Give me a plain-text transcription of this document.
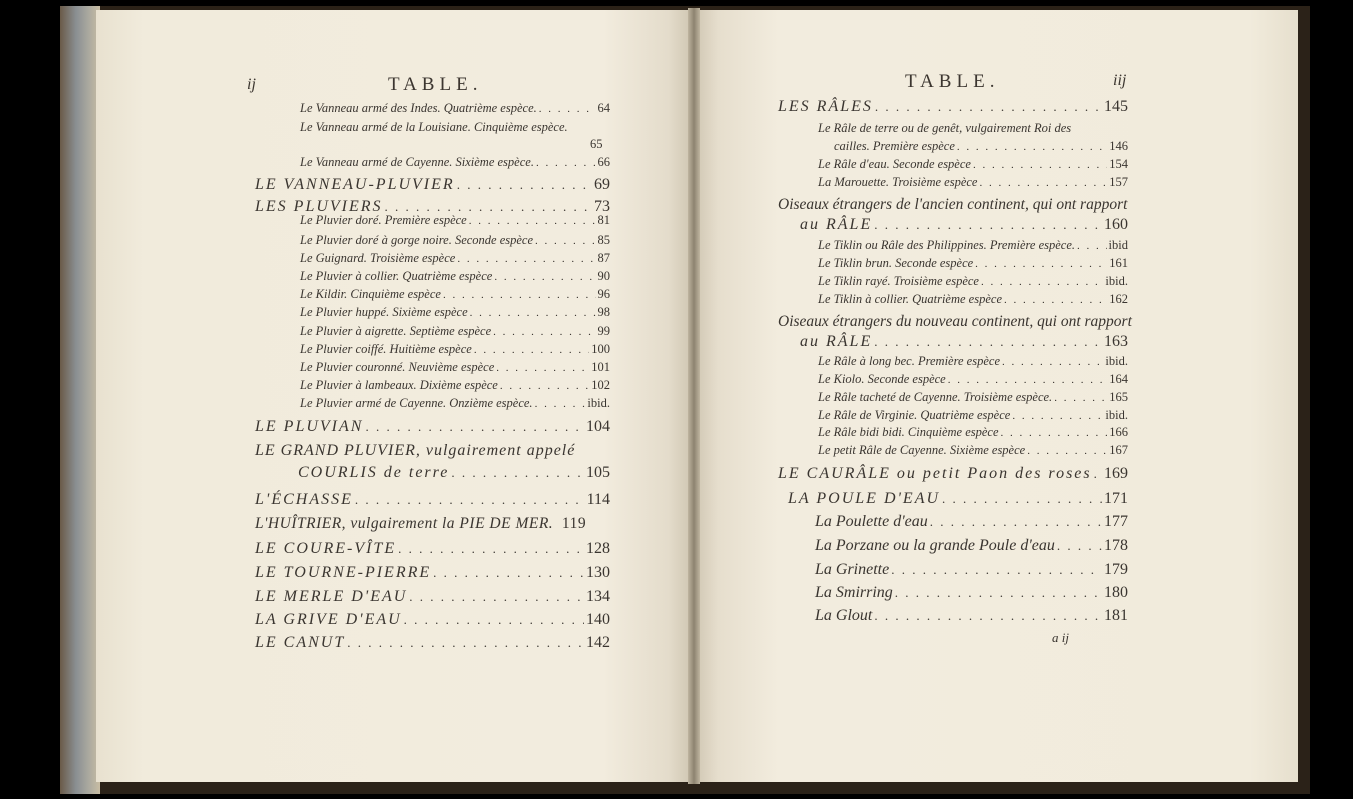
ij	TABLE.
Le Vanneau armé des Indes. Quatrième espèce. . . .	64
Le Vanneau armé de la Louisiane. Cinquième espèce.
65
Le Vanneau armé de Cayenne. Sixième espèce. . . .	66
LE VANNEAU-PLUVIER . . .	69
LES PLUVIERS . . .	73
Le Pluvier doré. Première espèce . . .	81
Le Pluvier doré à gorge noire. Seconde espèce . . .	85
Le Guignard. Troisième espèce . . .	87
Le Pluvier à collier. Quatrième espèce . . .	90
Le Kildir. Cinquième espèce . . .	96
Le Pluvier huppé. Sixième espèce . . .	98
Le Pluvier à aigrette. Septième espèce . . .	99
Le Pluvier coiffé. Huitième espèce . . .	100
Le Pluvier couronné. Neuvième espèce . . .	101
Le Pluvier à lambeaux. Dixième espèce . . .	102
Le Pluvier armé de Cayenne. Onzième espèce. . . .	ibid.
LE PLUVIAN . . .	104
LE GRAND PLUVIER, vulgairement appelé
COURLIS de terre . . .	105
L'ÉCHASSE . . .	114
L'HUÎTRIER, vulgairement la PIE DE MER. 119
LE COURE-VÎTE . . .	128
LE TOURNE-PIERRE . . .	130
LE MERLE D'EAU . . .	134
LA GRIVE D'EAU . . .	140
LE CANUT . . .	142
TABLE.	iij
LES RÂLES . . .	145
Le Râle de terre ou de genêt, vulgairement Roi des
cailles. Première espèce . . .	146
Le Râle d'eau. Seconde espèce . . .	154
La Marouette. Troisième espèce . . .	157
Oiseaux étrangers de l'ancien continent, qui ont rapport
au RÂLE . . .	160
Le Tiklin ou Râle des Philippines. Première espèce. . . .	ibid
Le Tiklin brun. Seconde espèce . . .	161
Le Tiklin rayé. Troisième espèce . . .	ibid.
Le Tiklin à collier. Quatrième espèce . . .	162
Oiseaux étrangers du nouveau continent, qui ont rapport
au RÂLE . . .	163
Le Râle à long bec. Première espèce . . .	ibid.
Le Kiolo. Seconde espèce . . .	164
Le Râle tacheté de Cayenne. Troisième espèce. . . .	165
Le Râle de Virginie. Quatrième espèce . . .	ibid.
Le Râle bidi bidi. Cinquième espèce . . .	166
Le petit Râle de Cayenne. Sixième espèce . . .	167
LE CAURÂLE ou petit Paon des roses . . . 169
LA POULE D'EAU . . .	171
La Poulette d'eau . . .	177
La Porzane ou la grande Poule d'eau . . .	178
La Grinette . . .	179
La Smirring . . .	180
La Glout . . .	181
a ij
